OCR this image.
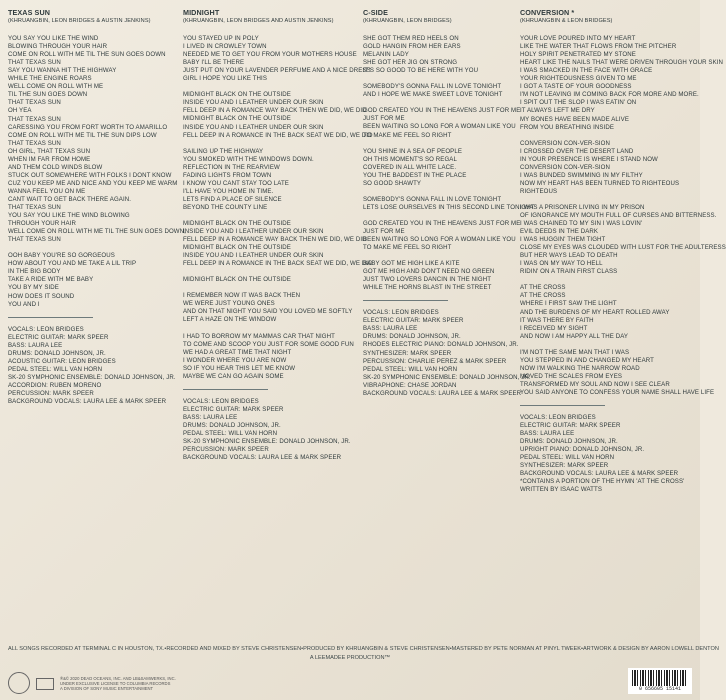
TEXAS SUN
(KHRUANGBIN, LEON BRIDGES & AUSTIN JENKINS)
YOU SAY YOU LIKE THE WIND
BLOWING THROUGH YOUR HAIR
COME ON ROLL WITH ME TIL THE SUN GOES DOWN
THAT TEXAS SUN
SAY YOU WANNA HIT THE HIGHWAY
WHILE THE ENGINE ROARS
WELL COME ON ROLL WITH ME
TIL THE SUN GOES DOWN
THAT TEXAS SUN
OH YEA
THAT TEXAS SUN
CARESSING YOU FROM FORT WORTH TO AMARILLO
COME ON ROLL WITH ME TIL THE SUN DIPS LOW
THAT TEXAS SUN
OH GIRL, THAT TEXAS SUN
WHEN IM FAR FROM HOME
AND THEM COLD WINDS BLOW
STUCK OUT SOMEWHERE WITH FOLKS I DONT KNOW
CUZ YOU KEEP ME AND NICE AND YOU KEEP ME WARM
WANNA FEEL YOU ON ME
CANT WAIT TO GET BACK THERE AGAIN.
THAT TEXAS SUN
YOU SAY YOU LIKE THE WIND BLOWING
THROUGH YOUR HAIR
WELL COME ON ROLL WITH ME TIL THE SUN GOES DOWN,
THAT TEXAS SUN
OOH BABY YOU'RE SO GORGEOUS
HOW ABOUT YOU AND ME TAKE A LIL TRIP
IN THE BIG BODY
TAKE A RIDE WITH ME BABY
YOU BY MY SIDE
HOW DOES IT SOUND
YOU AND I
VOCALS: LEON BRIDGES
ELECTRIC GUITAR: MARK SPEER
BASS: LAURA LEE
DRUMS: DONALD JOHNSON, JR.
ACOUSTIC GUITAR: LEON BRIDGES
PEDAL STEEL: WILL VAN HORN
SK-20 SYMPHONIC ENSEMBLE: DONALD JOHNSON, JR.
ACCORDION: RUBEN MORENO
PERCUSSION: MARK SPEER
BACKGROUND VOCALS: LAURA LEE & MARK SPEER
MIDNIGHT
(KHRUANGBIN, LEON BRIDGES AND AUSTIN JENKINS)
YOU STAYED UP IN POLY
I LIVED IN CROWLEY TOWN
NEEDED ME TO GET YOU FROM YOUR MOTHERS HOUSE
BABY I'LL BE THERE
JUST PUT ON YOUR LAVENDER PERFUME AND A NICE DRESS
GIRL I HOPE YOU LIKE THIS
MIDNIGHT BLACK ON THE OUTSIDE
INSIDE YOU AND I LEATHER UNDER OUR SKIN
FELL DEEP IN A ROMANCE WAY BACK THEN WE DID, WE DID
MIDNIGHT BLACK ON THE OUTSIDE
INSIDE YOU AND I LEATHER UNDER OUR SKIN
FELL DEEP IN A ROMANCE IN THE BACK SEAT WE DID, WE DID
SAILING UP THE HIGHWAY
YOU SMOKED WITH THE WINDOWS DOWN.
REFLECTION IN THE REARVIEW
FADING LIGHTS FROM TOWN
I KNOW YOU CANT STAY TOO LATE
I'LL HAVE YOU HOME IN TIME.
LETS FIND A PLACE OF SILENCE
BEYOND THE COUNTY LINE
MIDNIGHT BLACK ON THE OUTSIDE
INSIDE YOU AND I LEATHER UNDER OUR SKIN
FELL DEEP IN A ROMANCE WAY BACK THEN WE DID, WE DID
MIDNIGHT BLACK ON THE OUTSIDE
INSIDE YOU AND I LEATHER UNDER OUR SKIN
FELL DEEP IN A ROMANCE IN THE BACK SEAT WE DID, WE DID
MIDNIGHT BLACK ON THE OUTSIDE
I REMEMBER NOW IT WAS BACK THEN
WE WERE JUST YOUNG ONES
AND ON THAT NIGHT YOU SAID YOU LOVED ME SOFTLY
LEFT A HAZE ON THE WINDOW
I HAD TO BORROW MY MAMMAS CAR THAT NIGHT
TO COME AND SCOOP YOU JUST FOR SOME GOOD FUN
WE HAD A GREAT TIME THAT NIGHT
I WONDER WHERE YOU ARE NOW
SO IF YOU HEAR THIS LET ME KNOW
MAYBE WE CAN GO AGAIN SOME
VOCALS: LEON BRIDGES
ELECTRIC GUITAR: MARK SPEER
BASS: LAURA LEE
DRUMS: DONALD JOHNSON, JR.
PEDAL STEEL: WILL VAN HORN
SK-20 SYMPHONIC ENSEMBLE: DONALD JOHNSON, JR.
PERCUSSION: MARK SPEER
BACKGROUND VOCALS: LAURA LEE & MARK SPEER
C-SIDE
(KHRUANGBIN, LEON BRIDGES)
SHE GOT THEM RED HEELS ON
GOLD HANGIN FROM HER EARS
MELANIN LADY
SHE GOT HER JIG ON STRONG
IT'S SO GOOD TO BE HERE WITH YOU
SOMEBODY'S GONNA FALL IN LOVE TONIGHT
AND I HOPE WE MAKE SWEET LOVE TONIGHT
GOD CREATED YOU IN THE HEAVENS JUST FOR ME
JUST FOR ME
BEEN WAITING SO LONG FOR A WOMAN LIKE YOU
TO MAKE ME FEEL SO RIGHT
YOU SHINE IN A SEA OF PEOPLE
OH THIS MOMENT'S SO REGAL
COVERED IN ALL WHITE LACE.
YOU THE BADDEST IN THE PLACE
SO GOOD SHAWTY
SOMEBODY'S GONNA FALL IN LOVE TONIGHT
LETS LOSE OURSELVES IN THIS SECOND LINE TONIGHT
GOD CREATED YOU IN THE HEAVENS JUST FOR ME
JUST FOR ME
BEEN WAITING SO LONG FOR A WOMAN LIKE YOU
TO MAKE ME FEEL SO RIGHT
BABY GOT ME HIGH LIKE A KITE
GOT ME HIGH AND DON'T NEED NO GREEN
JUST TWO LOVERS DANCIN IN THE NIGHT
WHILE THE HORNS BLAST IN THE STREET
VOCALS: LEON BRIDGES
ELECTRIC GUITAR: MARK SPEER
BASS: LAURA LEE
DRUMS: DONALD JOHNSON, JR.
RHODES ELECTRIC PIANO: DONALD JOHNSON, JR.
SYNTHESIZER: MARK SPEER
PERCUSSION: CHARLIE PEREZ & MARK SPEER
PEDAL STEEL: WILL VAN HORN
SK-20 SYMPHONIC ENSEMBLE: DONALD JOHNSON, JR.
VIBRAPHONE: CHASE JORDAN
BACKGROUND VOCALS: LAURA LEE & MARK SPEER
CONVERSION *
(KHRUANGBIN & LEON BRIDGES)
YOUR LOVE POURED INTO MY HEART
LIKE THE WATER THAT FLOWS FROM THE PITCHER
HOLY SPIRIT PENETRATED MY STONE
HEART LIKE THE NAILS THAT WERE DRIVEN THROUGH YOUR SKIN
I WAS SMACKED IN THE FACE WITH GRACE
YOUR RIGHTEOUSNESS GIVEN TO ME
I GOT A TASTE OF YOUR GOODNESS
I'M NOT LEAVING IM COMING BACK FOR MORE AND MORE.
I SPIT OUT THE SLOP I WAS EATIN' ON
IT ALWAYS LEFT ME DRY
MY BONES HAVE BEEN MADE ALIVE
FROM YOU BREATHING INSIDE
CONVERSION CON-VER-SION
I CROSSED OVER THE DESERT LAND
IN YOUR PRESENCE IS WHERE I STAND NOW
CONVERSION CON-VER-SION
I WAS BUNDED SWIMMING IN MY FILTHY
NOW MY HEART HAS BEEN TURNED TO RIGHTEOUS
RIGHTEOUS
I WAS A PRISONER LIVING IN MY PRISON
OF IGNORANCE MY MOUTH FULL OF CURSES AND BITTERNESS.
I WAS CHAINED TO MY SIN I WAS LOVIN'
EVIL DEEDS IN THE DARK
I WAS HUGGIN' THEM TIGHT
CLOSE MY EYES WAS CLOUDED WITH LUST FOR THE ADULTERESS
BUT HER WAYS LEAD TO DEATH
I WAS ON MY WAY TO HELL
RIDIN' ON A TRAIN FIRST CLASS
AT THE CROSS
AT THE CROSS
WHERE I FIRST SAW THE LIGHT
AND THE BURDENS OF MY HEART ROLLED AWAY
IT WAS THERE BY FAITH
I RECEIVED MY SIGHT
AND NOW I AM HAPPY ALL THE DAY
I'M NOT THE SAME MAN THAT I WAS
YOU STEPPED IN AND CHANGED MY HEART
NOW I'M WALKING THE NARROW ROAD
MOVED THE SCALES FROM EYES
TRANSFORMED MY SOUL AND NOW I SEE CLEAR
YOU SAID ANYONE TO CONFESS YOUR NAME SHALL HAVE LIFE
VOCALS: LEON BRIDGES
ELECTRIC GUITAR: MARK SPEER
BASS: LAURA LEE
DRUMS: DONALD JOHNSON, JR.
UPRIGHT PIANO: DONALD JOHNSON, JR.
PEDAL STEEL: WILL VAN HORN
SYNTHESIZER: MARK SPEER
BACKGROUND VOCALS: LAURA LEE & MARK SPEER
*CONTAINS A PORTION OF THE HYMN 'AT THE CROSS'
WRITTEN BY ISAAC WATTS
ALL SONGS RECORDED AT TERMINAL C IN HOUSTON, TX. • RECORDED AND MIXED BY STEVE CHRISTENSEN • PRODUCED BY KHRUANGBIN & STEVE CHRISTENSEN • MASTERED BY PETE NORMAN AT PINYL TWEEK • ARTWORK & DESIGN BY AARON LOWELL DENTON
A LEEMADEE PRODUCTION™
®&© 2020 DEAD OCEANS, INC. AND LB&SAMWERKS, INC.
UNDER EXCLUSIVE LICENSE TO COLUMBIA RECORDS
A DIVISION OF SONY MUSIC ENTERTAINMENT	0 656605 15141
